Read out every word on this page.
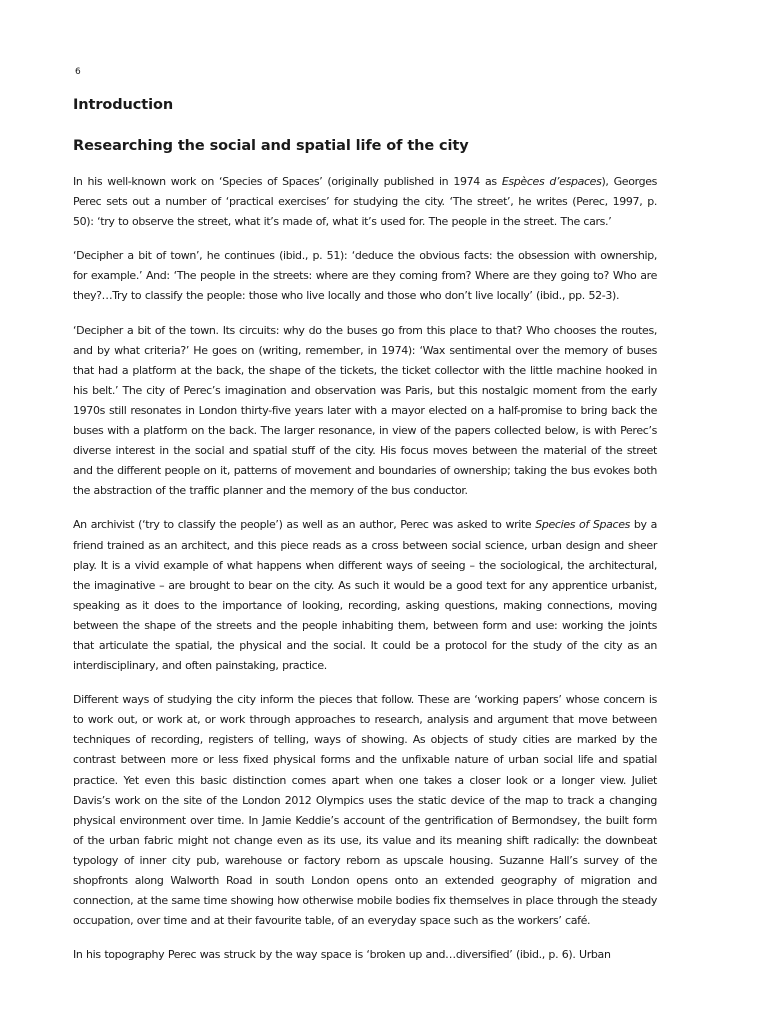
6
Introduction
Researching the social and spatial life of the city

In his well-known work on ‘Species of Spaces’ (originally published in 1974 as Espèces d’espaces), Georges Perec sets out a number of ‘practical exercises’ for studying the city. ‘The street’, he writes (Perec, 1997, p. 50): ‘try to observe the street, what it’s made of, what it’s used for. The people in the street. The cars.’

‘Decipher a bit of town’, he continues (ibid., p. 51): ‘deduce the obvious facts: the obsession with ownership, for example.’ And: ‘The people in the streets: where are they coming from? Where are they going to? Who are they?…Try to classify the people: those who live locally and those who don’t live locally’ (ibid., pp. 52-3).

‘Decipher a bit of the town. Its circuits: why do the buses go from this place to that? Who chooses the routes, and by what criteria?’ He goes on (writing, remember, in 1974): ‘Wax sentimental over the memory of buses that had a platform at the back, the shape of the tickets, the ticket collector with the little machine hooked in his belt.’ The city of Perec’s imagination and observation was Paris, but this nostalgic moment from the early 1970s still resonates in London thirty-five years later with a mayor elected on a half-promise to bring back the buses with a platform on the back. The larger resonance, in view of the papers collected below, is with Perec’s diverse interest in the social and spatial stuff of the city. His focus moves between the material of the street and the different people on it, patterns of movement and boundaries of ownership; taking the bus evokes both the abstraction of the traffic planner and the memory of the bus conductor.

An archivist (‘try to classify the people’) as well as an author, Perec was asked to write Species of Spaces by a friend trained as an architect, and this piece reads as a cross between social science, urban design and sheer play. It is a vivid example of what happens when different ways of seeing – the sociological, the architectural, the imaginative – are brought to bear on the city. As such it would be a good text for any apprentice urbanist, speaking as it does to the importance of looking, recording, asking questions, making connections, moving between the shape of the streets and the people inhabiting them, between form and use: working the joints that articulate the spatial, the physical and the social. It could be a protocol for the study of the city as an interdisciplinary, and often painstaking, practice.

Different ways of studying the city inform the pieces that follow. These are ‘working papers’ whose concern is to work out, or work at, or work through approaches to research, analysis and argument that move between techniques of recording, registers of telling, ways of showing. As objects of study cities are marked by the contrast between more or less fixed physical forms and the unfixable nature of urban social life and spatial practice. Yet even this basic distinction comes apart when one takes a closer look or a longer view. Juliet Davis’s work on the site of the London 2012 Olympics uses the static device of the map to track a changing physical environment over time. In Jamie Keddie’s account of the gentrification of Bermondsey, the built form of the urban fabric might not change even as its use, its value and its meaning shift radically: the downbeat typology of inner city pub, warehouse or factory reborn as upscale housing. Suzanne Hall’s survey of the shopfronts along Walworth Road in south London opens onto an extended geography of migration and connection, at the same time showing how otherwise mobile bodies fix themselves in place through the steady occupation, over time and at their favourite table, of an everyday space such as the workers’ café.

In his topography Perec was struck by the way space is ‘broken up and…diversified’ (ibid., p. 6). Urban
